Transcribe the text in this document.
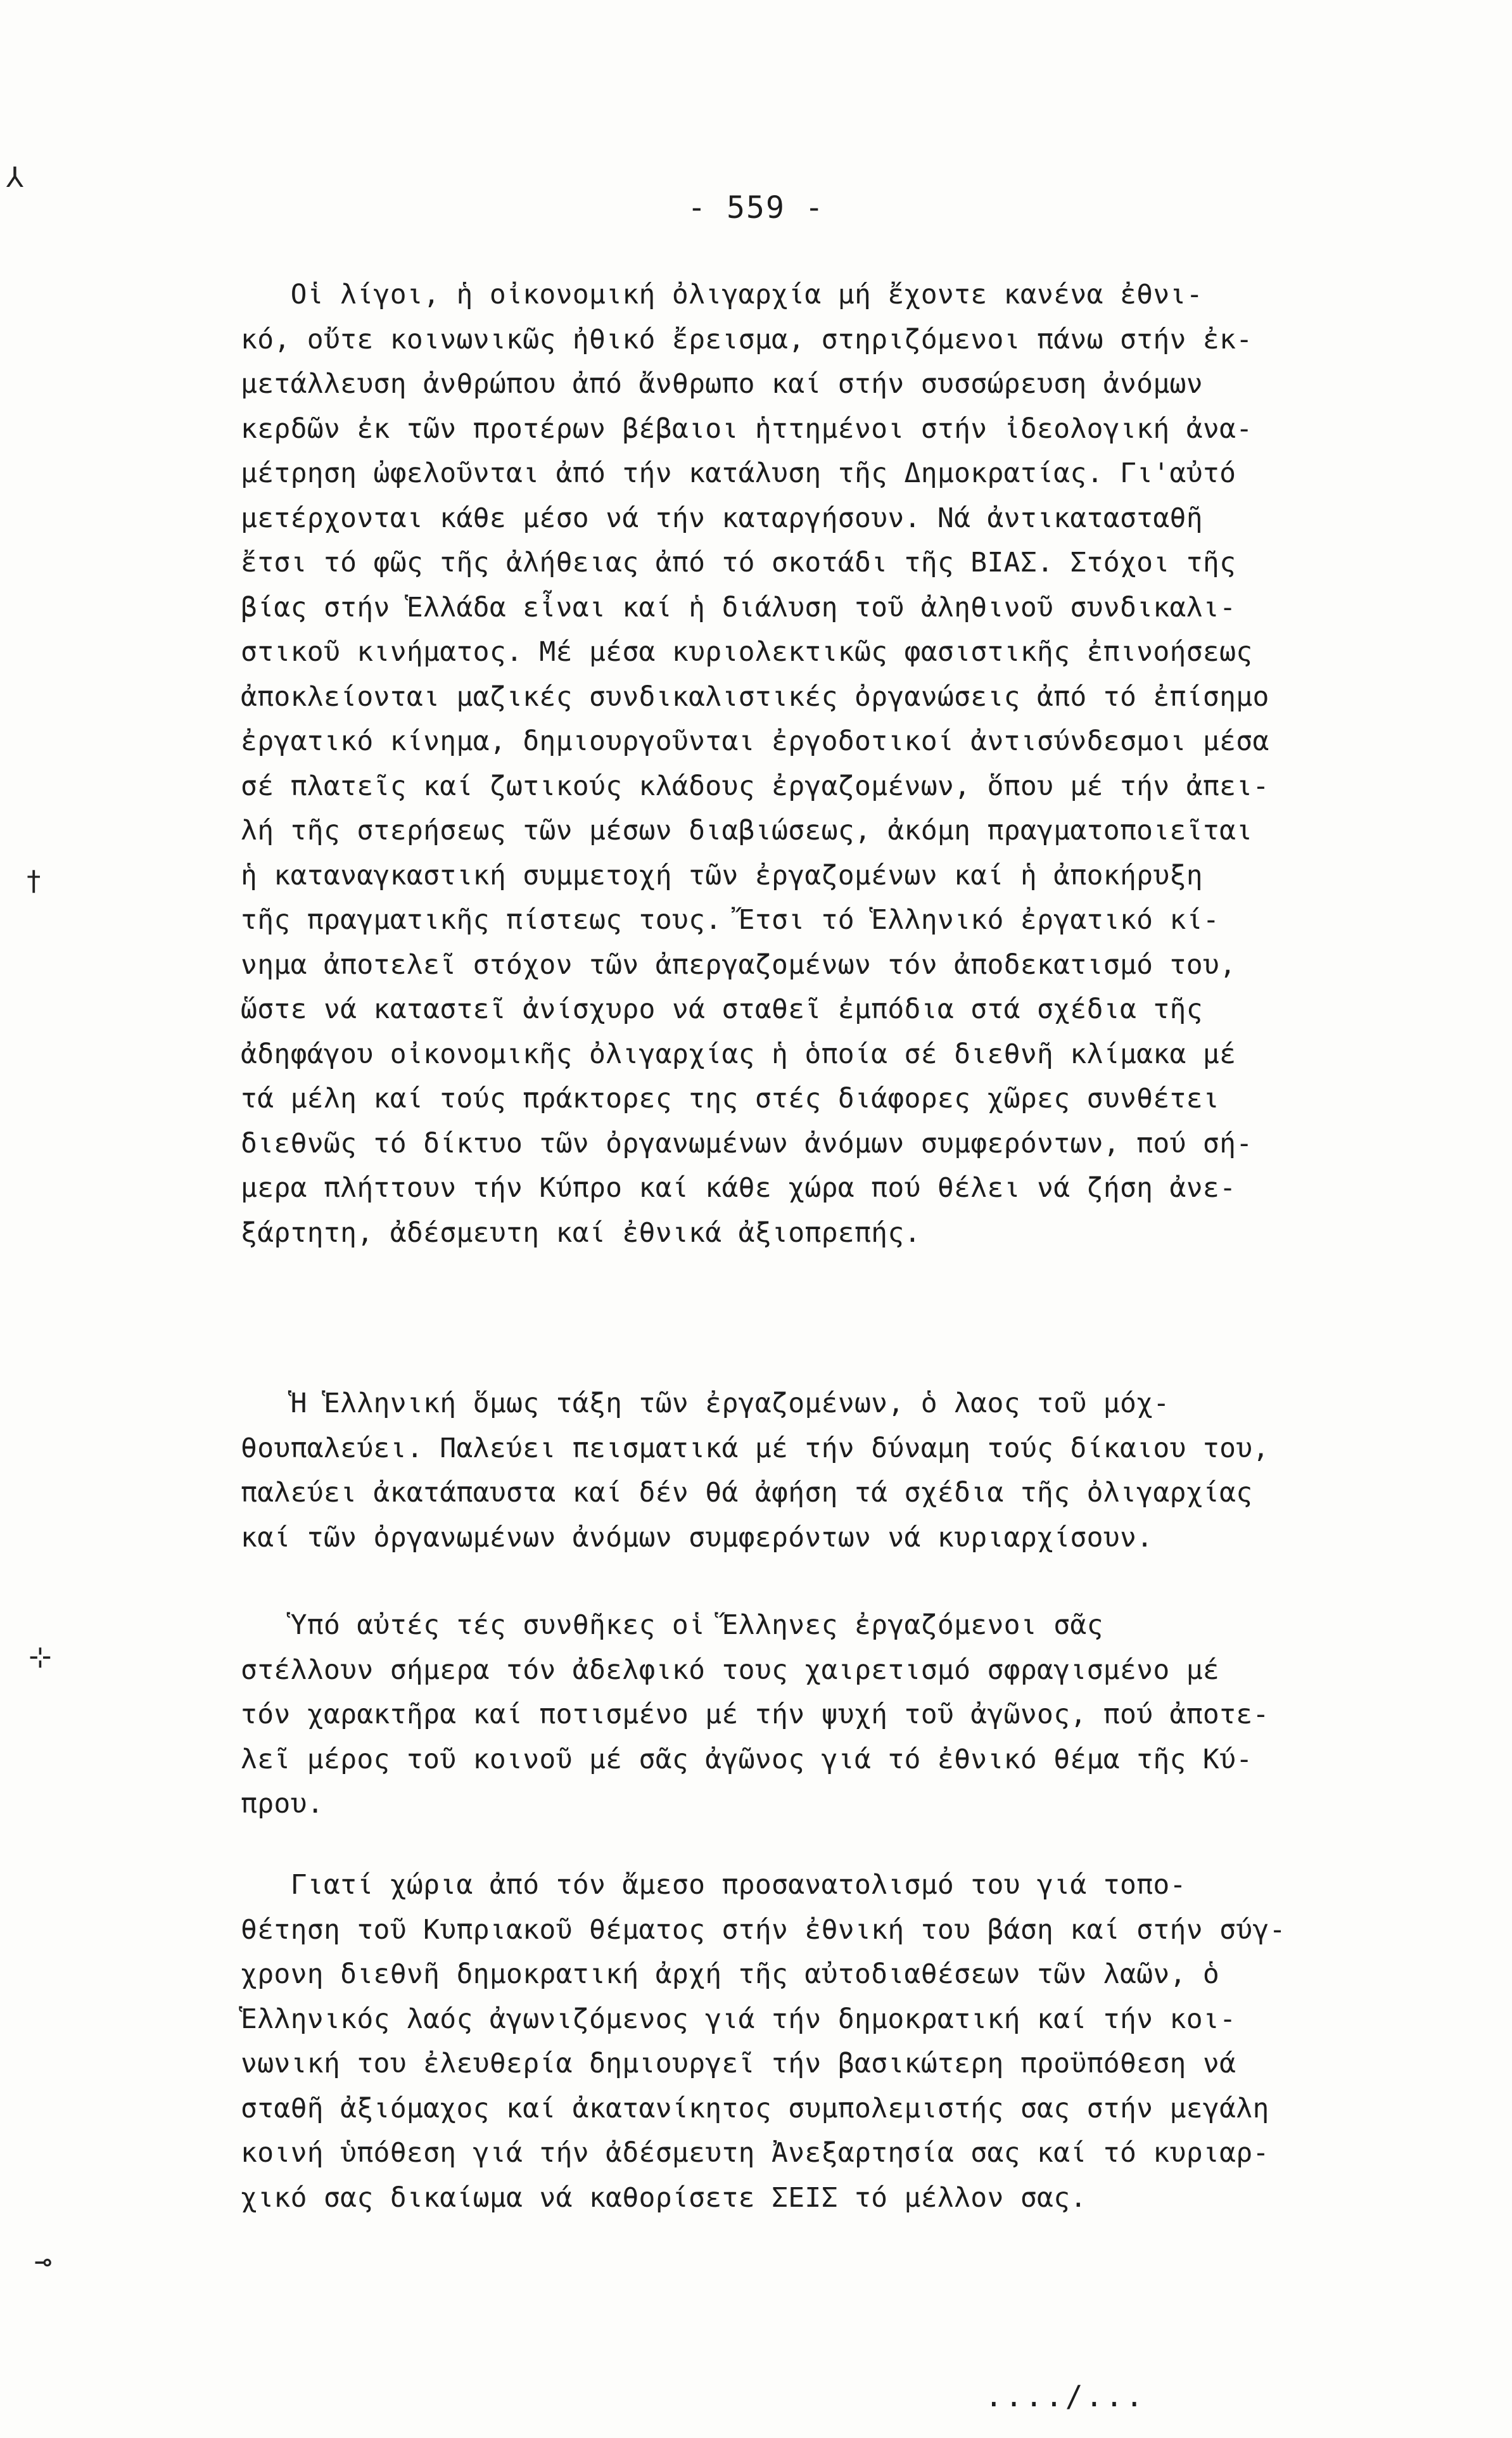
⅄
†
⊹
⊸
- 559 -
Οἱ λίγοι, ἡ οἰκονομική ὀλιγαρχία μή ἔχοντε κανένα ἐθνι-
κό, οὔτε κοινωνικῶς ἠθικό ἔρεισμα, στηριζόμενοι πάνω στήν ἐκ-
μετάλλευση ἀνθρώπου ἀπό ἄνθρωπο καί στήν συσσώρευση ἀνόμων
κερδῶν ἐκ τῶν προτέρων βέβαιοι ἡττημένοι στήν ἰδεολογική ἀνα-
μέτρηση ὠφελοῦνται ἀπό τήν κατάλυση τῆς Δημοκρατίας. Γι'αὐτό
μετέρχονται κάθε μέσο νά τήν καταργήσουν. Νά ἀντικατασταθῆ
ἔτσι τό φῶς τῆς ἀλήθειας ἀπό τό σκοτάδι τῆς ΒΙΑΣ. Στόχοι τῆς
βίας στήν Ἑλλάδα εἶναι καί ἡ διάλυση τοῦ ἀληθινοῦ συνδικαλι-
στικοῦ κινήματος. Μέ μέσα κυριολεκτικῶς φασιστικῆς ἐπινοήσεως
ἀποκλείονται μαζικές συνδικαλιστικές ὀργανώσεις ἀπό τό ἐπίσημο
ἐργατικό κίνημα, δημιουργοῦνται ἐργοδοτικοί ἀντισύνδεσμοι μέσα
σέ πλατεῖς καί ζωτικούς κλάδους ἐργαζομένων, ὅπου μέ τήν ἀπει-
λή τῆς στερήσεως τῶν μέσων διαβιώσεως, ἀκόμη πραγματοποιεῖται
ἡ καταναγκαστική συμμετοχή τῶν ἐργαζομένων καί ἡ ἀποκήρυξη
τῆς πραγματικῆς πίστεως τους. Ἔτσι τό Ἑλληνικό ἐργατικό κί-
νημα ἀποτελεῖ στόχον τῶν ἀπεργαζομένων τόν ἀποδεκατισμό του,
ὥστε νά καταστεῖ ἀνίσχυρο νά σταθεῖ ἐμπόδια στά σχέδια τῆς
ἀδηφάγου οἰκονομικῆς ὀλιγαρχίας ἡ ὁποία σέ διεθνῆ κλίμακα μέ
τά μέλη καί τούς πράκτορες της στές διάφορες χῶρες συνθέτει
διεθνῶς τό δίκτυο τῶν ὀργανωμένων ἀνόμων συμφερόντων, πού σή-
μερα πλήττουν τήν Κύπρο καί κάθε χώρα πού θέλει νά ζήση ἀνε-
ξάρτητη, ἀδέσμευτη καί ἐθνικά ἀξιοπρεπής.
Ἡ Ἑλληνική ὅμως τάξη τῶν ἐργαζομένων, ὁ λαος τοῦ μόχ-
θουπαλεύει. Παλεύει πεισματικά μέ τήν δύναμη τούς δίκαιου του,
παλεύει ἀκατάπαυστα καί δέν θά ἀφήση τά σχέδια τῆς ὀλιγαρχίας
καί τῶν ὀργανωμένων ἀνόμων συμφερόντων νά κυριαρχίσουν.
Ὑπό αὐτές τές συνθῆκες οἱ Ἕλληνες ἐργαζόμενοι σᾶς
στέλλουν σήμερα τόν ἀδελφικό τους χαιρετισμό σφραγισμένο μέ
τόν χαρακτῆρα καί ποτισμένο μέ τήν ψυχή τοῦ ἀγῶνος, πού ἀποτε-
λεῖ μέρος τοῦ κοινοῦ μέ σᾶς ἀγῶνος γιά τό ἐθνικό θέμα τῆς Κύ-
πρου.
Γιατί χώρια ἀπό τόν ἄμεσο προσανατολισμό του γιά τοπο-
θέτηση τοῦ Κυπριακοῦ θέματος στήν ἐθνική του βάση καί στήν σύγ-
χρονη διεθνῆ δημοκρατική ἀρχή τῆς αὐτοδιαθέσεων τῶν λαῶν, ὁ
Ἑλληνικός λαός ἀγωνιζόμενος γιά τήν δημοκρατική καί τήν κοι-
νωνική του ἐλευθερία δημιουργεῖ τήν βασικώτερη προϋπόθεση νά
σταθῆ ἀξιόμαχος καί ἀκατανίκητος συμπολεμιστής σας στήν μεγάλη
κοινή ὑπόθεση γιά τήν ἀδέσμευτη Ἀνεξαρτησία σας καί τό κυριαρ-
χικό σας δικαίωμα νά καθορίσετε ΣΕΙΣ τό μέλλον σας.
..../...
